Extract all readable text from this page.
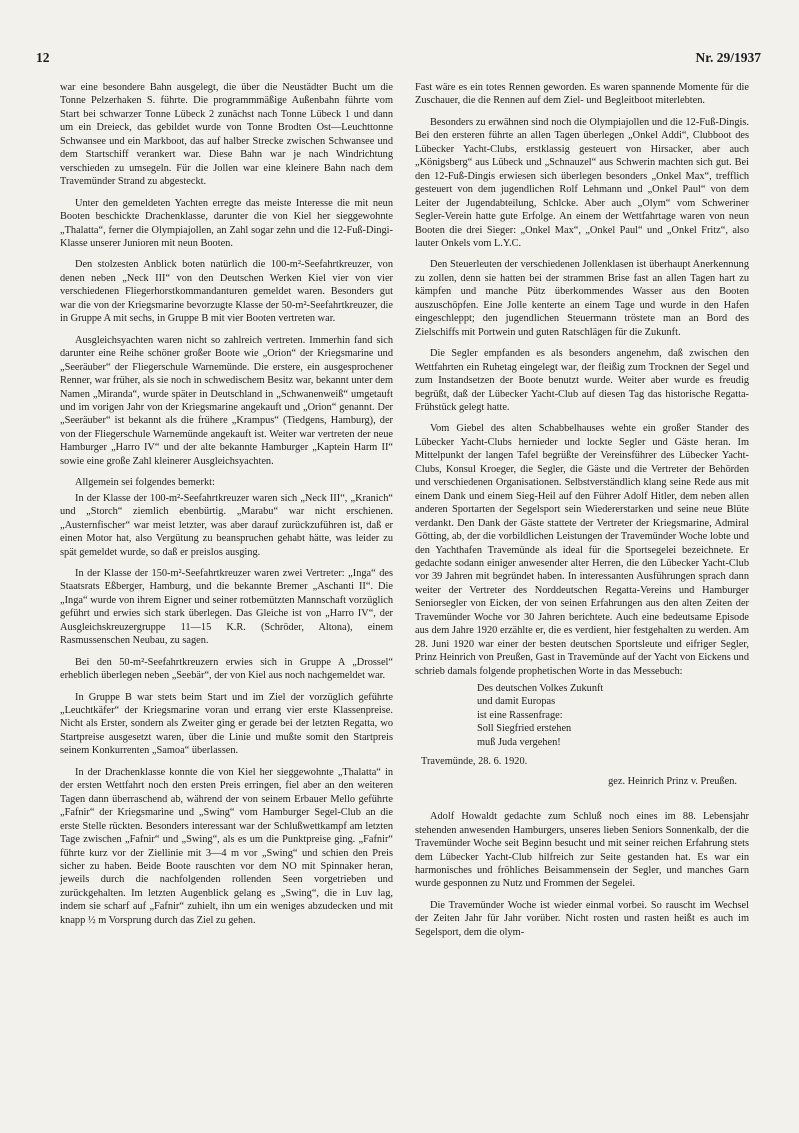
12	Nr. 29/1937

war eine besondere Bahn ausgelegt, die über die Neustädter Bucht um die Tonne Pelzerhaken S. führte. Die programmmäßige Außenbahn führte vom Start bei schwarzer Tonne Lübeck 2 zunächst nach Tonne Lübeck 1 und dann um ein Dreieck, das gebildet wurde von Tonne Brodten Ost—Leuchttonne Schwansee und ein Markboot, das auf halber Strecke zwischen Schwansee und dem Startschiff verankert war. Diese Bahn war je nach Windrichtung verschieden zu umsegeln. Für die Jollen war eine kleinere Bahn nach dem Travemünder Strand zu abgesteckt.

Unter den gemeldeten Yachten erregte das meiste Interesse die mit neun Booten beschickte Drachenklasse, darunter die von Kiel her sieggewohnte „Thalatta“, ferner die Olympiajollen, an Zahl sogar zehn und die 12-Fuß-Dingi-Klasse unserer Junioren mit neun Booten.

Den stolzesten Anblick boten natürlich die 100-m²-Seefahrtkreuzer, von denen neben „Neck III“ von den Deutschen Werken Kiel vier von vier verschiedenen Fliegerhorstkommandanturen gemeldet waren. Besonders gut war die von der Kriegsmarine bevorzugte Klasse der 50-m²-Seefahrtkreuzer, die in Gruppe A mit sechs, in Gruppe B mit vier Booten vertreten war.

Ausgleichsyachten waren nicht so zahlreich vertreten. Immerhin fand sich darunter eine Reihe schöner großer Boote wie „Orion“ der Kriegsmarine und „Seeräuber“ der Fliegerschule Warnemünde. Die erstere, ein ausgesprochener Renner, war früher, als sie noch in schwedischem Besitz war, bekannt unter dem Namen „Miranda“, wurde später in Deutschland in „Schwanenweiß“ umgetauft und im vorigen Jahr von der Kriegsmarine angekauft und „Orion“ genannt. Der „Seeräuber“ ist bekannt als die frühere „Krampus“ (Tiedgens, Hamburg), der von der Fliegerschule Warnemünde angekauft ist. Weiter war vertreten der neue Hamburger „Harro IV“ und der alte bekannte Hamburger „Kaptein Harm II“ sowie eine große Zahl kleinerer Ausgleichsyachten.

Allgemein sei folgendes bemerkt:

In der Klasse der 100-m²-Seefahrtkreuzer waren sich „Neck III“, „Kranich“ und „Storch“ ziemlich ebenbürtig. „Marabu“ war nicht erschienen. „Austernfischer“ war meist letzter, was aber darauf zurückzuführen ist, daß er einen Motor hat, also Vergütung zu beanspruchen gehabt hätte, was leider zu spät gemeldet wurde, so daß er preislos ausging.

In der Klasse der 150-m²-Seefahrtkreuzer waren zwei Vertreter: „Inga“ des Staatsrats Eßberger, Hamburg, und die bekannte Bremer „Aschanti II“. Die „Inga“ wurde von ihrem Eigner und seiner rotbemützten Mannschaft vorzüglich geführt und erwies sich stark überlegen. Das Gleiche ist von „Harro IV“, der Ausgleichskreuzergruppe 11—15 K.R. (Schröder, Altona), einem Rasmussenschen Neubau, zu sagen.

Bei den 50-m²-Seefahrtkreuzern erwies sich in Gruppe A „Drossel“ erheblich überlegen neben „Seebär“, der von Kiel aus noch nachgemeldet war.

In Gruppe B war stets beim Start und im Ziel der vorzüglich geführte „Leuchtkäfer“ der Kriegsmarine voran und errang vier erste Klassenpreise. Nicht als Erster, sondern als Zweiter ging er gerade bei der letzten Regatta, wo Startpreise ausgesetzt waren, über die Linie und mußte somit den Startpreis seinem Konkurrenten „Samoa“ überlassen.

In der Drachenklasse konnte die von Kiel her sieggewohnte „Thalatta“ in der ersten Wettfahrt noch den ersten Preis erringen, fiel aber an den weiteren Tagen dann überraschend ab, während der von seinem Erbauer Mello geführte „Fafnir“ der Kriegsmarine und „Swing“ vom Hamburger Segel-Club an die erste Stelle rückten. Besonders interessant war der Schlußwettkampf am letzten Tage zwischen „Fafnir“ und „Swing“, als es um die Punktpreise ging. „Fafnir“ führte kurz vor der Ziellinie mit 3—4 m vor „Swing“ und schien den Preis sicher zu haben. Beide Boote rauschten vor dem NO mit Spinnaker heran, jeweils durch die nachfolgenden rollenden Seen vorgetrieben und zurückgehalten. Im letzten Augenblick gelang es „Swing“, die in Luv lag, indem sie scharf auf „Fafnir“ zuhielt, ihn um ein weniges abzudecken und mit knapp ½ m Vorsprung durch das Ziel zu gehen.

Fast wäre es ein totes Rennen geworden. Es waren spannende Momente für die Zuschauer, die die Rennen auf dem Ziel- und Begleitboot miterlebten.

Besonders zu erwähnen sind noch die Olympiajollen und die 12-Fuß-Dingis. Bei den ersteren führte an allen Tagen überlegen „Onkel Addi“, Clubboot des Lübecker Yacht-Clubs, erstklassig gesteuert von Hirsacker, aber auch „Königsberg“ aus Lübeck und „Schnauzel“ aus Schwerin machten sich gut. Bei den 12-Fuß-Dingis erwiesen sich überlegen besonders „Onkel Max“, trefflich gesteuert von dem jugendlichen Rolf Lehmann und „Onkel Paul“ von dem Leiter der Jugendabteilung, Schlcke. Aber auch „Olym“ vom Schweriner Segler-Verein hatte gute Erfolge. An einem der Wettfahrtage waren von neun Booten die drei Sieger: „Onkel Max“, „Onkel Paul“ und „Onkel Fritz“, also lauter Onkels vom L.Y.C.

Den Steuerleuten der verschiedenen Jollenklasen ist überhaupt Anerkennung zu zollen, denn sie hatten bei der strammen Brise fast an allen Tagen hart zu kämpfen und manche Pütz überkommendes Wasser aus den Booten auszuschöpfen. Eine Jolle kenterte an einem Tage und wurde in den Hafen eingeschleppt; den jugendlichen Steuermann tröstete man an Bord des Zielschiffs mit Portwein und guten Ratschlägen für die Zukunft.

Die Segler empfanden es als besonders angenehm, daß zwischen den Wettfahrten ein Ruhetag eingelegt war, der fleißig zum Trocknen der Segel und zum Instandsetzen der Boote benutzt wurde. Weiter aber wurde es freudig begrüßt, daß der Lübecker Yacht-Club auf diesen Tag das historische Regatta-Frühstück gelegt hatte.

Vom Giebel des alten Schabbelhauses wehte ein großer Stander des Lübecker Yacht-Clubs hernieder und lockte Segler und Gäste heran. Im Mittelpunkt der langen Tafel begrüßte der Vereinsführer des Lübecker Yacht-Clubs, Konsul Kroeger, die Segler, die Gäste und die Vertreter der Behörden und verschiedenen Organisationen. Selbstverständlich klang seine Rede aus mit einem Dank und einem Sieg-Heil auf den Führer Adolf Hitler, dem neben allen anderen Sportarten der Segelsport sein Wiedererstarken und seine neue Blüte verdankt. Den Dank der Gäste stattete der Vertreter der Kriegsmarine, Admiral Götting, ab, der die vorbildlichen Leistungen der Travemünder Woche lobte und den Yachthafen Travemünde als ideal für die Sportsegelei bezeichnete. Er gedachte sodann einiger anwesender alter Herren, die den Lübecker Yacht-Club vor 39 Jahren mit begründet haben. In interessanten Ausführungen sprach dann weiter der Vertreter des Norddeutschen Regatta-Vereins und Hamburger Seniorsegler von Eicken, der von seinen Erfahrungen aus den alten Zeiten der Travemünder Woche vor 30 Jahren berichtete. Auch eine bedeutsame Episode aus dem Jahre 1920 erzählte er, die es verdient, hier festgehalten zu werden. Am 28. Juni 1920 war einer der besten deutschen Sportsleute und eifriger Segler, Prinz Heinrich von Preußen, Gast in Travemünde auf der Yacht von Eickens und schrieb damals folgende prophetischen Worte in das Messebuch:

Des deutschen Volkes Zukunft
und damit Europas
ist eine Rassenfrage:
Soll Siegfried erstehen
muß Juda vergehen!

Travemünde, 28. 6. 1920.

gez. Heinrich Prinz v. Preußen.

Adolf Howaldt gedachte zum Schluß noch eines im 88. Lebensjahr stehenden anwesenden Hamburgers, unseres lieben Seniors Sonnenkalb, der die Travemünder Woche seit Beginn besucht und mit seiner reichen Erfahrung stets dem Lübecker Yacht-Club hilfreich zur Seite gestanden hat. Es war ein harmonisches und fröhliches Beisammensein der Segler, und manches Garn wurde gesponnen zu Nutz und Frommen der Segelei.

Die Travemünder Woche ist wieder einmal vorbei. So rauscht im Wechsel der Zeiten Jahr für Jahr vorüber. Nicht rosten und rasten heißt es auch im Segelsport, dem die olym-
